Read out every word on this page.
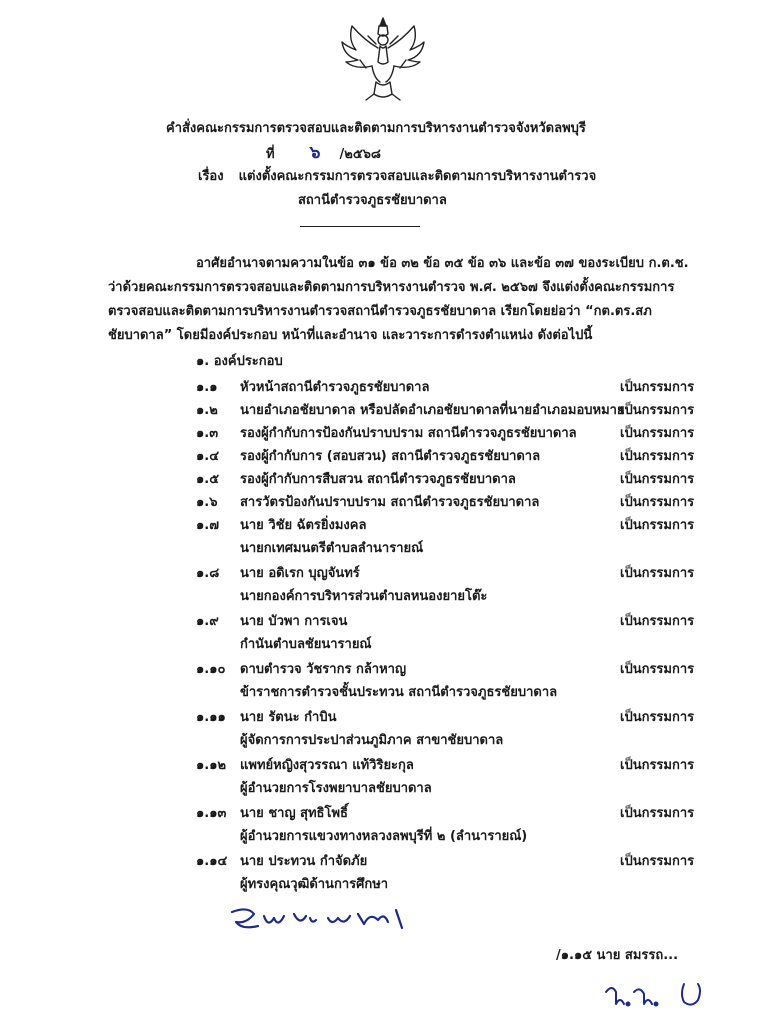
คำสั่งคณะกรรมการตรวจสอบและติดตามการบริหารงานตำรวจจังหวัดลพบุรี
ที่ ๖ /๒๕๖๘
เรื่อง แต่งตั้งคณะกรรมการตรวจสอบและติดตามการบริหารงานตำรวจ
สถานีตำรวจภูธรชัยบาดาล
อาศัยอำนาจตามความในข้อ ๓๑ ข้อ ๓๒ ข้อ ๓๕ ข้อ ๓๖ และข้อ ๓๗ ของระเบียบ ก.ต.ช.
ว่าด้วยคณะกรรมการตรวจสอบและติดตามการบริหารงานตำรวจ พ.ศ. ๒๕๖๗ จึงแต่งตั้งคณะกรรมการ
ตรวจสอบและติดตามการบริหารงานตำรวจสถานีตำรวจภูธรชัยบาดาล เรียกโดยย่อว่า “กต.ตร.สภ
ชัยบาดาล” โดยมีองค์ประกอบ หน้าที่และอำนาจ และวาระการดำรงตำแหน่ง ดังต่อไปนี้
๑. องค์ประกอบ
๑.๑ หัวหน้าสถานีตำรวจภูธรชัยบาดาล	เป็นกรรมการ
๑.๒ นายอำเภอชัยบาดาล หรือปลัดอำเภอชัยบาดาลที่นายอำเภอมอบหมาย
เป็นกรรมการ
๑.๓ รองผู้กำกับการป้องกันปราบปราม สถานีตำรวจภูธรชัยบาดาล	เป็นกรรมการ
๑.๔ รองผู้กำกับการ (สอบสวน) สถานีตำรวจภูธรชัยบาดาล	เป็นกรรมการ
๑.๕ รองผู้กำกับการสืบสวน สถานีตำรวจภูธรชัยบาดาล	เป็นกรรมการ
๑.๖ สารวัตรป้องกันปราบปราม สถานีตำรวจภูธรชัยบาดาล	เป็นกรรมการ
๑.๗ นาย วิชัย ฉัตรยิ่งมงคล	เป็นกรรมการ
นายกเทศมนตรีตำบลลำนารายณ์
๑.๘ นาย อดิเรก บุญจันทร์	เป็นกรรมการ
นายกองค์การบริหารส่วนตำบลหนองยายโต๊ะ
๑.๙ นาย บัวพา การเจน	เป็นกรรมการ
กำนันตำบลชัยนารายณ์
๑.๑๐ ดาบตำรวจ วัชรากร กล้าหาญ	เป็นกรรมการ
ข้าราชการตำรวจชั้นประทวน สถานีตำรวจภูธรชัยบาดาล
๑.๑๑ นาย รัตนะ กำบิน	เป็นกรรมการ
ผู้จัดการการประปาส่วนภูมิภาค สาขาชัยบาดาล
๑.๑๒ แพทย์หญิงสุวรรณา แท้วิริยะกุล	เป็นกรรมการ
ผู้อำนวยการโรงพยาบาลชัยบาดาล
๑.๑๓ นาย ชาญ สุทธิโพธิ์	เป็นกรรมการ
ผู้อำนวยการแขวงทางหลวงลพบุรีที่ ๒ (ลำนารายณ์)
๑.๑๔ นาย ประทวน กำจัดภัย	เป็นกรรมการ
ผู้ทรงคุณวุฒิด้านการศึกษา
/๑.๑๕ นาย สมรรถ...
